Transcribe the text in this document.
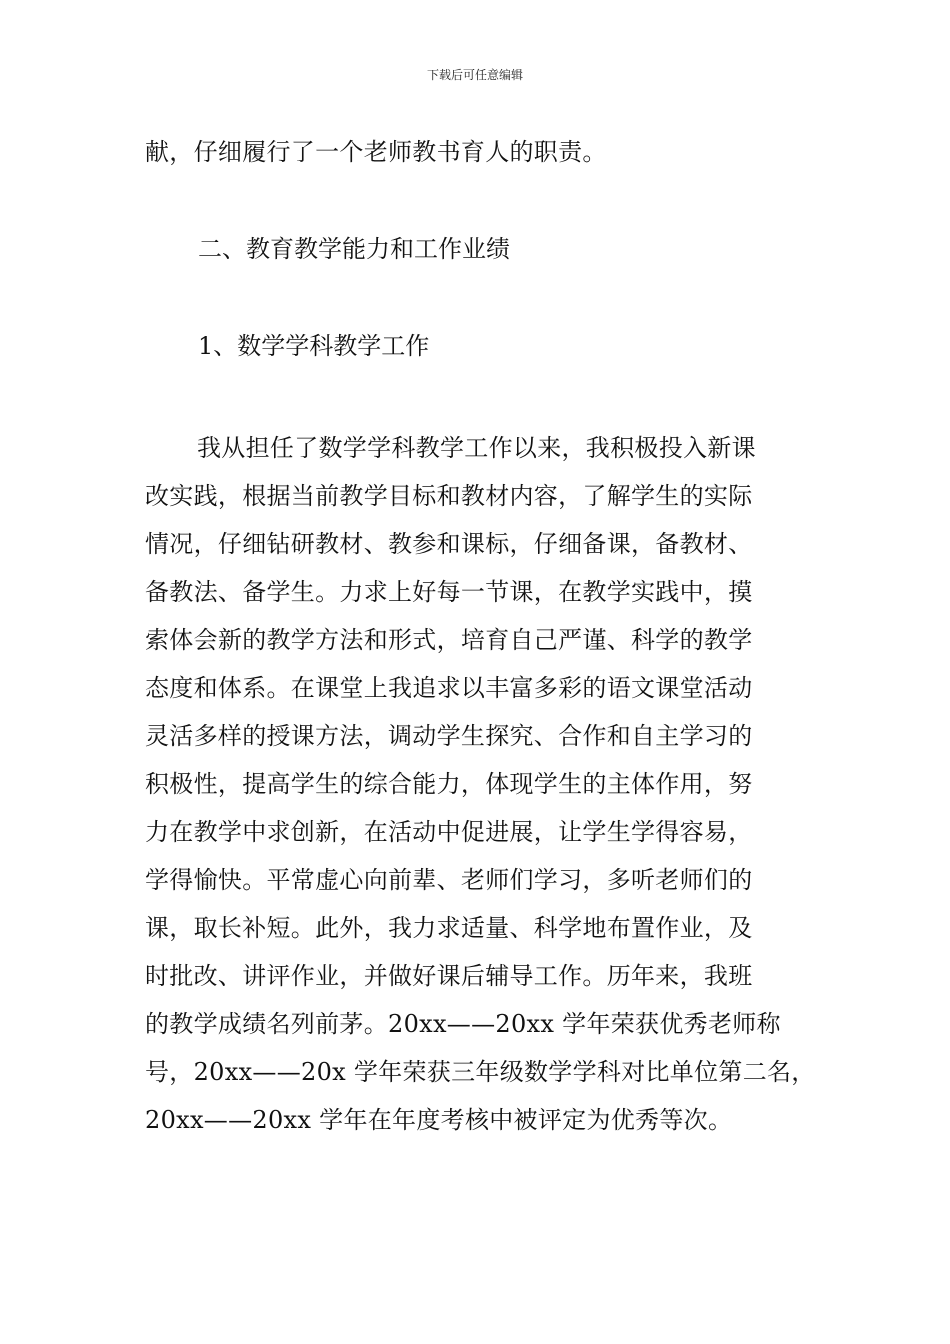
下载后可任意编辑
献，仔细履行了一个老师教书育人的职责。
二、教育教学能力和工作业绩
1、数学学科教学工作
我从担任了数学学科教学工作以来，我积极投入新课
改实践，根据当前教学目标和教材内容，了解学生的实际
情况，仔细钻研教材、教参和课标，仔细备课，备教材、
备教法、备学生。力求上好每一节课，在教学实践中，摸
索体会新的教学方法和形式，培育自己严谨、科学的教学
态度和体系。在课堂上我追求以丰富多彩的语文课堂活动
灵活多样的授课方法，调动学生探究、合作和自主学习的
积极性，提高学生的综合能力，体现学生的主体作用，努
力在教学中求创新，在活动中促进展，让学生学得容易，
学得愉快。平常虚心向前辈、老师们学习，多听老师们的
课，取长补短。此外，我力求适量、科学地布置作业，及
时批改、讲评作业，并做好课后辅导工作。历年来，我班
的教学成绩名列前茅。20xx——20xx 学年荣获优秀老师称
号，20xx——20x 学年荣获三年级数学学科对比单位第二名，
20xx——20xx 学年在年度考核中被评定为优秀等次。
